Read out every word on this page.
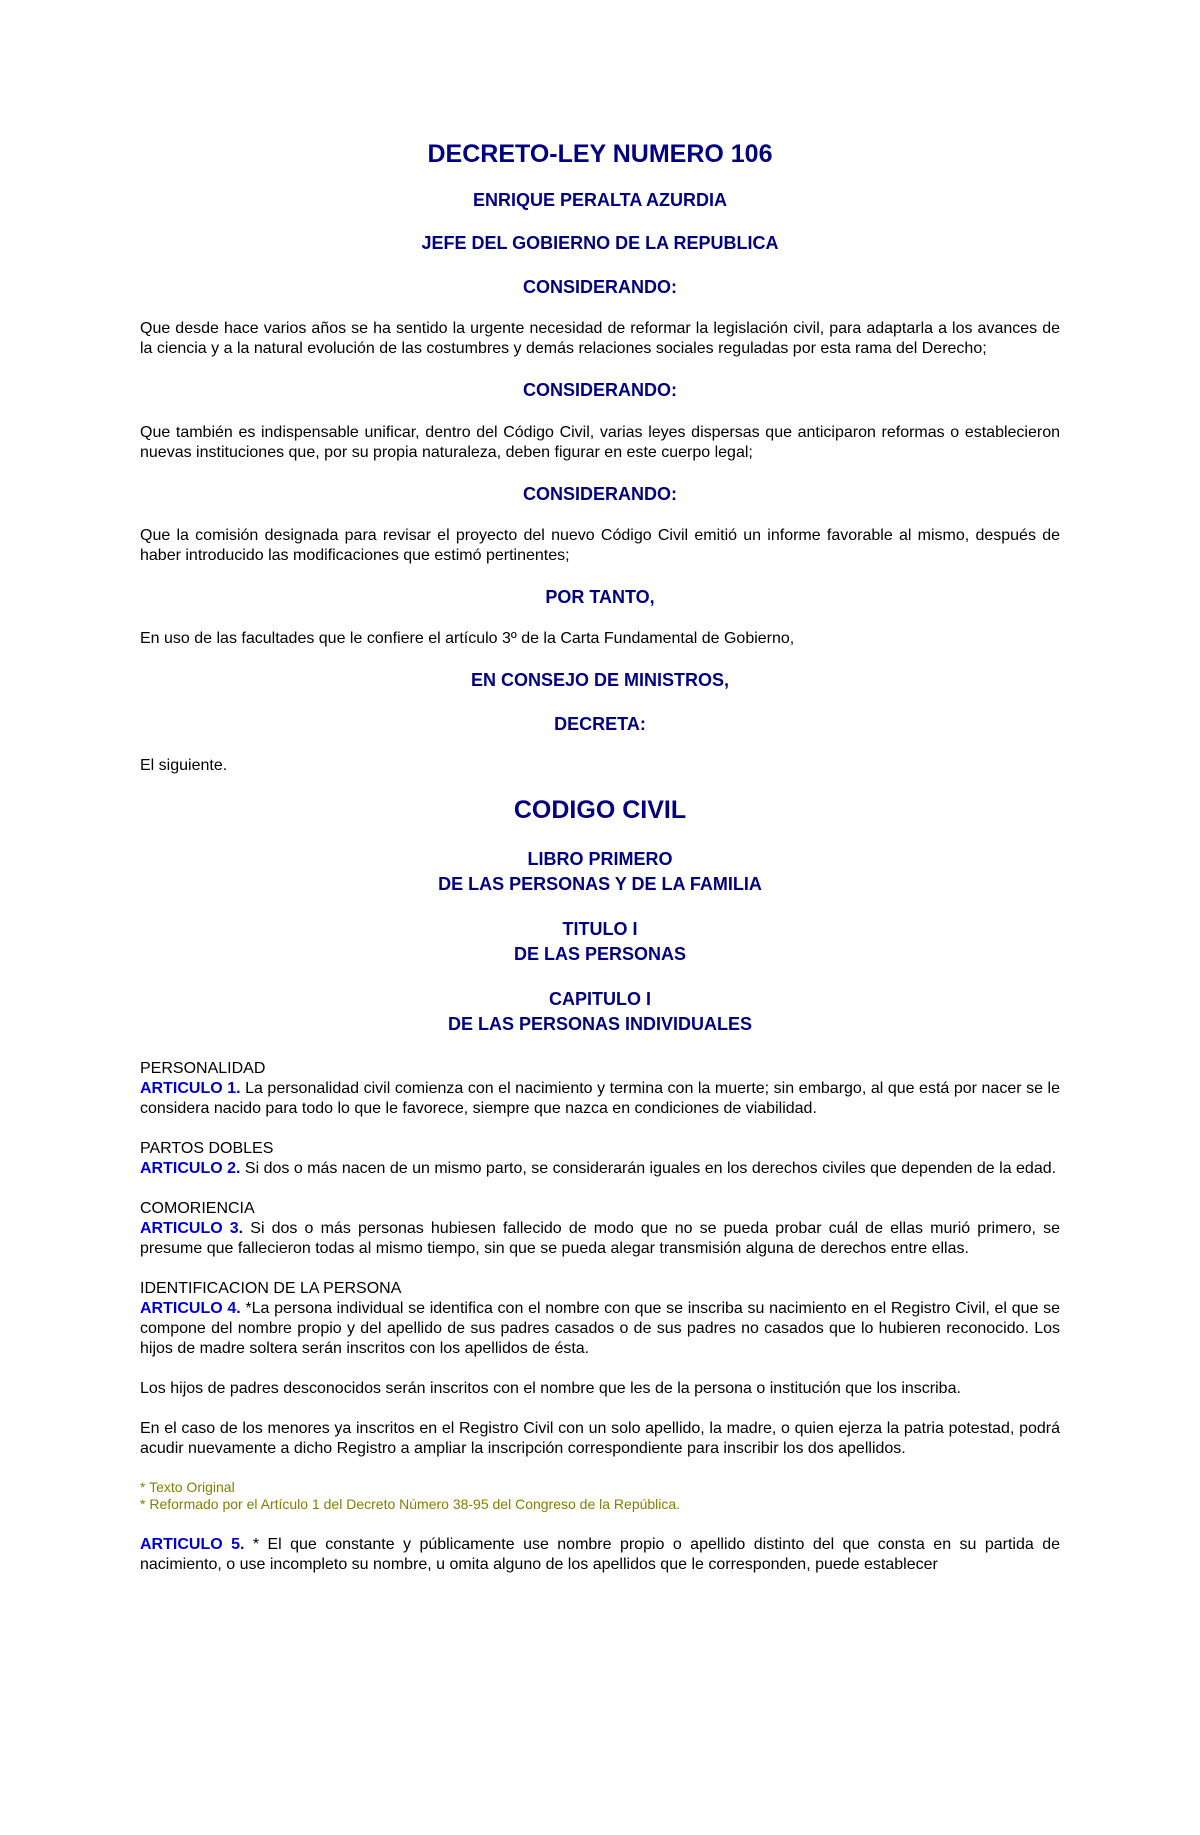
DECRETO-LEY NUMERO 106
ENRIQUE PERALTA AZURDIA
JEFE DEL GOBIERNO DE LA REPUBLICA
CONSIDERANDO:

Que desde hace varios años se ha sentido la urgente necesidad de reformar la legislación civil, para adaptarla a los avances de la ciencia y a la natural evolución de las costumbres y demás relaciones sociales reguladas por esta rama del Derecho;

CONSIDERANDO:

Que también es indispensable unificar, dentro del Código Civil, varias leyes dispersas que anticiparon reformas o establecieron nuevas instituciones que, por su propia naturaleza, deben figurar en este cuerpo legal;

CONSIDERANDO:

Que la comisión designada para revisar el proyecto del nuevo Código Civil emitió un informe favorable al mismo, después de haber introducido las modificaciones que estimó pertinentes;

POR TANTO,

En uso de las facultades que le confiere el artículo 3º de la Carta Fundamental de Gobierno,

EN CONSEJO DE MINISTROS,
DECRETA:

El siguiente.

CODIGO CIVIL
LIBRO PRIMERO
DE LAS PERSONAS Y DE LA FAMILIA
TITULO I
DE LAS PERSONAS
CAPITULO I
DE LAS PERSONAS INDIVIDUALES
PERSONALIDAD
ARTICULO 1. La personalidad civil comienza con el nacimiento y termina con la muerte; sin embargo, al que está por nacer se le considera nacido para todo lo que le favorece, siempre que nazca en condiciones de viabilidad.
PARTOS DOBLES
ARTICULO 2. Si dos o más nacen de un mismo parto, se considerarán iguales en los derechos civiles que dependen de la edad.
COMORIENCIA
ARTICULO 3. Si dos o más personas hubiesen fallecido de modo que no se pueda probar cuál de ellas murió primero, se presume que fallecieron todas al mismo tiempo, sin que se pueda alegar transmisión alguna de derechos entre ellas.
IDENTIFICACION DE LA PERSONA
ARTICULO 4. *La persona individual se identifica con el nombre con que se inscriba su nacimiento en el Registro Civil, el que se compone del nombre propio y del apellido de sus padres casados o de sus padres no casados que lo hubieren reconocido. Los hijos de madre soltera serán inscritos con los apellidos de ésta.

Los hijos de padres desconocidos serán inscritos con el nombre que les de la persona o institución que los inscriba.

En el caso de los menores ya inscritos en el Registro Civil con un solo apellido, la madre, o quien ejerza la patria potestad, podrá acudir nuevamente a dicho Registro a ampliar la inscripción correspondiente para inscribir los dos apellidos.

* Texto Original

* Reformado por el Artículo 1 del Decreto Número 38-95 del Congreso de la República.

ARTICULO 5. * El que constante y públicamente use nombre propio o apellido distinto del que consta en su partida de nacimiento, o use incompleto su nombre, u omita alguno de los apellidos que le corresponden, puede establecer
